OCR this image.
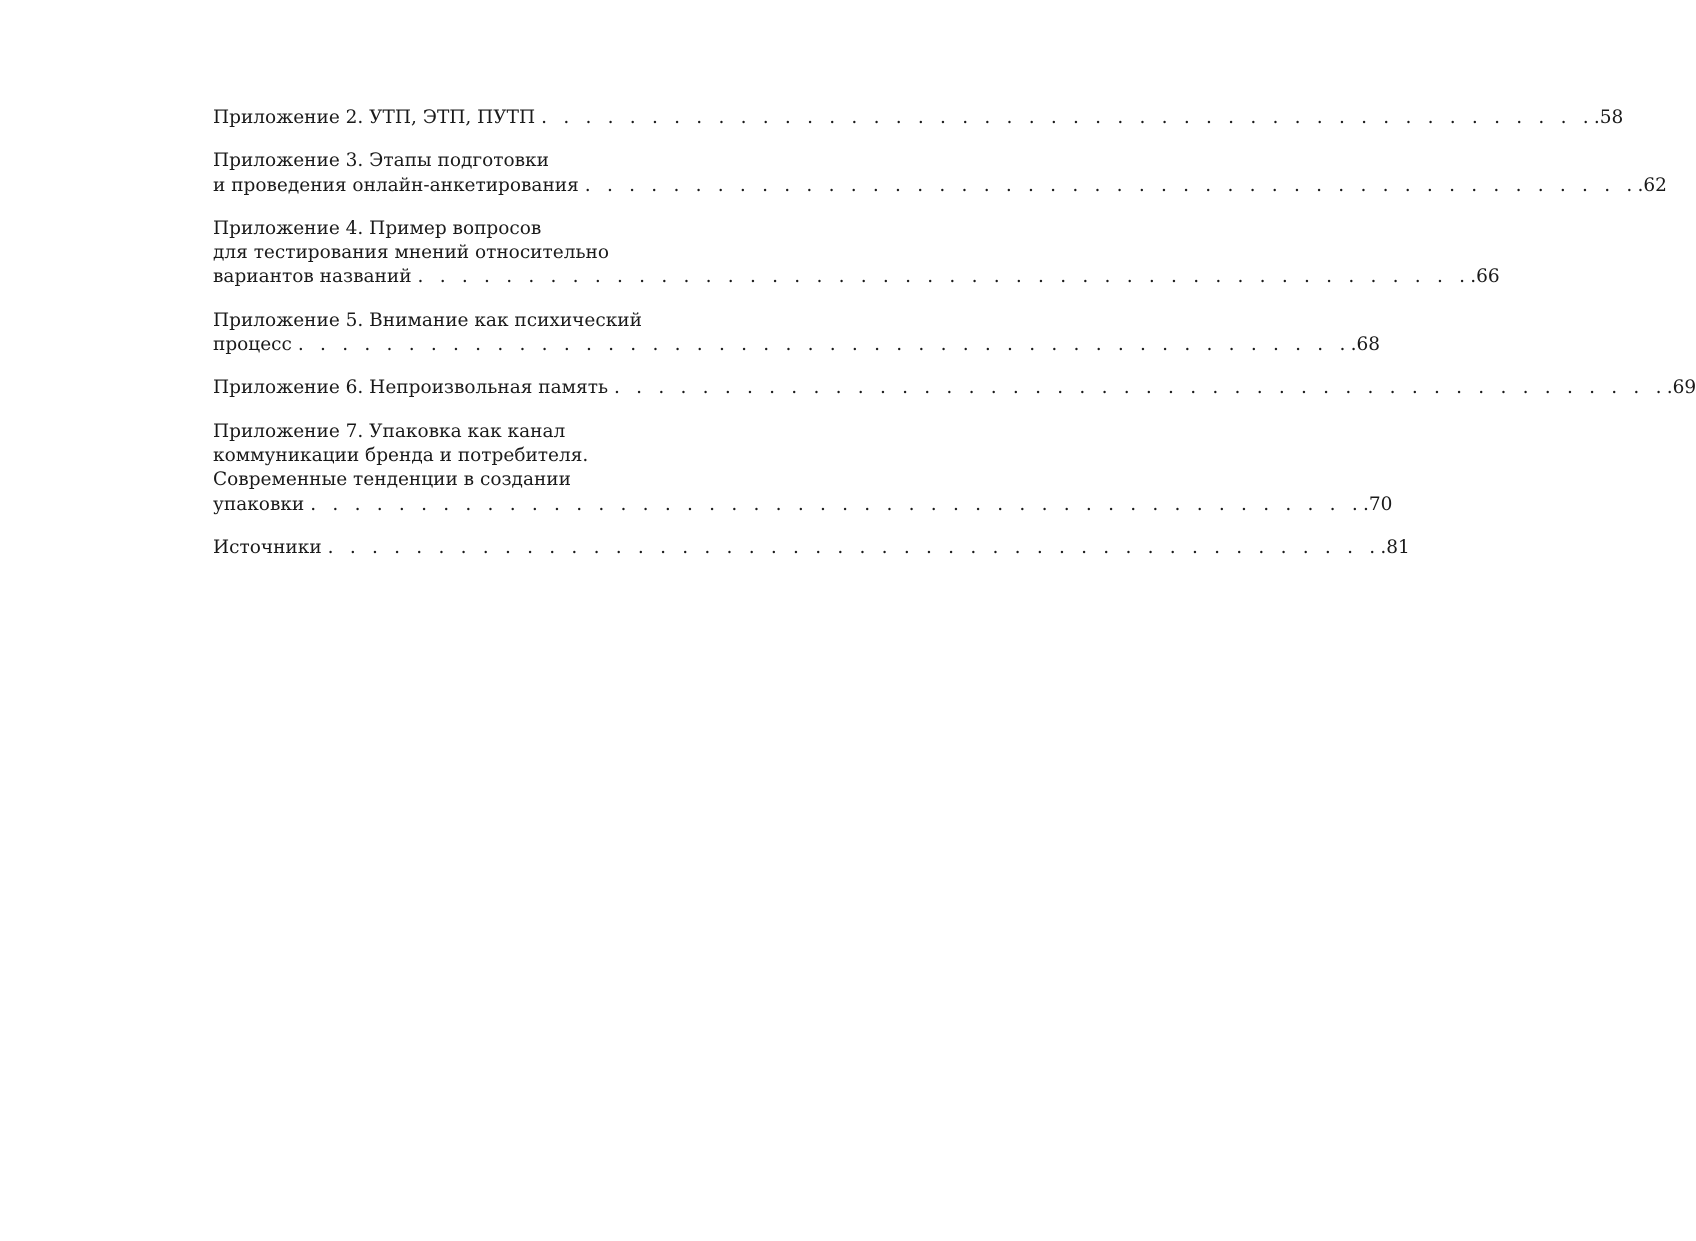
Приложение 2. УТП, ЭТП, ПУТП . . . . . . . . . . . . . . . . . . . . . . . . . . . . . . . . . . . . . . . . . . . . . . . . .58
Приложение 3. Этапы подготовки
и проведения онлайн-анкетирования . . . . . . . . . . . . . . . . . . . . . . . . . . . . . . . . . . . . . . . . . . . . . . . . .62
Приложение 4. Пример вопросов
для тестирования мнений относительно
вариантов названий . . . . . . . . . . . . . . . . . . . . . . . . . . . . . . . . . . . . . . . . . . . . . . . . .66
Приложение 5. Внимание как психический
процесс . . . . . . . . . . . . . . . . . . . . . . . . . . . . . . . . . . . . . . . . . . . . . . . . .68
Приложение 6. Непроизвольная память . . . . . . . . . . . . . . . . . . . . . . . . . . . . . . . . . . . . . . . . . . . . . . . . .69
Приложение 7. Упаковка как канал
коммуникации бренда и потребителя.
Современные тенденции в создании
упаковки . . . . . . . . . . . . . . . . . . . . . . . . . . . . . . . . . . . . . . . . . . . . . . . . .70
Источники . . . . . . . . . . . . . . . . . . . . . . . . . . . . . . . . . . . . . . . . . . . . . . . . .81
